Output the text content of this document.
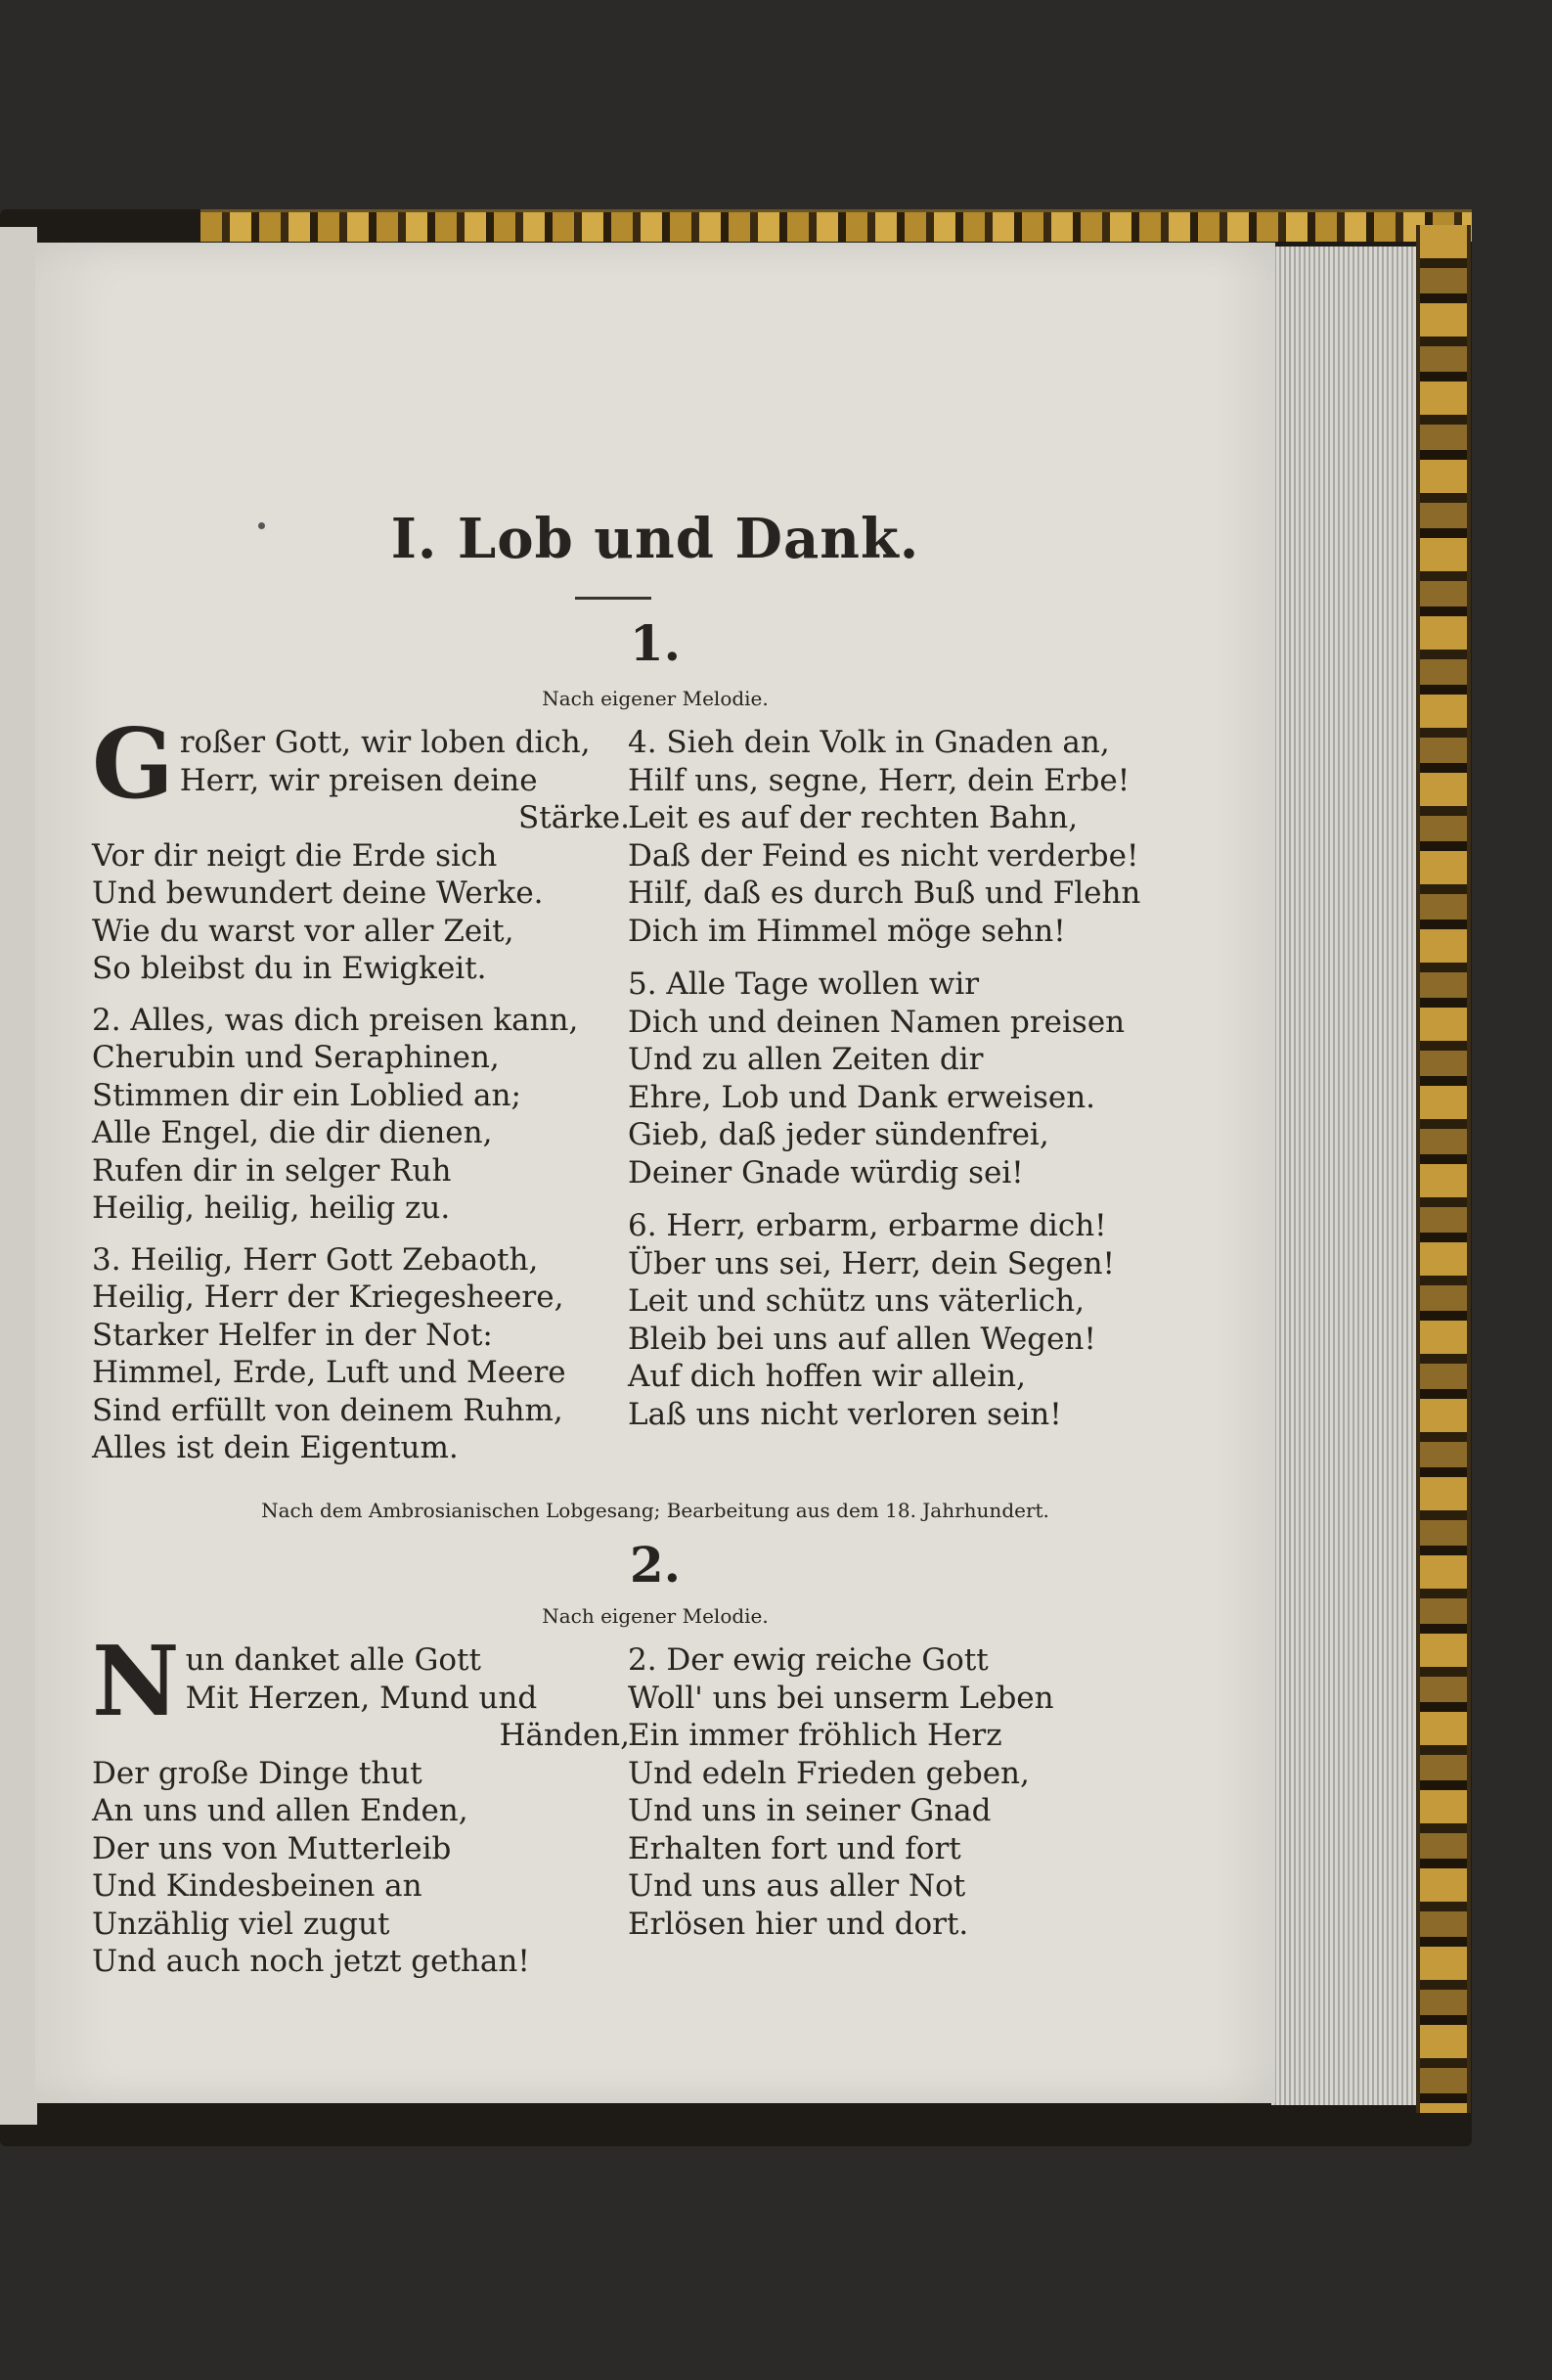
I. Lob und Dank.
1.
Nach eigener Melodie.
G roßer Gott, wir loben dich,
Herr, wir preisen deine
Stärke.
Vor dir neigt die Erde sich
Und bewundert deine Werke.
Wie du warst vor aller Zeit,
So bleibst du in Ewigkeit.
2. Alles, was dich preisen kann,
Cherubin und Seraphinen,
Stimmen dir ein Loblied an;
Alle Engel, die dir dienen,
Rufen dir in selger Ruh
Heilig, heilig, heilig zu.
3. Heilig, Herr Gott Zebaoth,
Heilig, Herr der Kriegesheere,
Starker Helfer in der Not:
Himmel, Erde, Luft und Meere
Sind erfüllt von deinem Ruhm,
Alles ist dein Eigentum.
4. Sieh dein Volk in Gnaden an,
Hilf uns, segne, Herr, dein Erbe!
Leit es auf der rechten Bahn,
Daß der Feind es nicht verderbe!
Hilf, daß es durch Buß und Flehn
Dich im Himmel möge sehn!
5. Alle Tage wollen wir
Dich und deinen Namen preisen
Und zu allen Zeiten dir
Ehre, Lob und Dank erweisen.
Gieb, daß jeder sündenfrei,
Deiner Gnade würdig sei!
6. Herr, erbarm, erbarme dich!
Über uns sei, Herr, dein Segen!
Leit und schütz uns väterlich,
Bleib bei uns auf allen Wegen!
Auf dich hoffen wir allein,
Laß uns nicht verloren sein!
Nach dem Ambrosianischen Lobgesang; Bearbeitung aus dem 18. Jahrhundert.
2.
Nach eigener Melodie.
N un danket alle Gott
Mit Herzen, Mund und
Händen,
Der große Dinge thut
An uns und allen Enden,
Der uns von Mutterleib
Und Kindesbeinen an
Unzählig viel zugut
Und auch noch jetzt gethan!
2. Der ewig reiche Gott
Woll' uns bei unserm Leben
Ein immer fröhlich Herz
Und edeln Frieden geben,
Und uns in seiner Gnad
Erhalten fort und fort
Und uns aus aller Not
Erlösen hier und dort.
